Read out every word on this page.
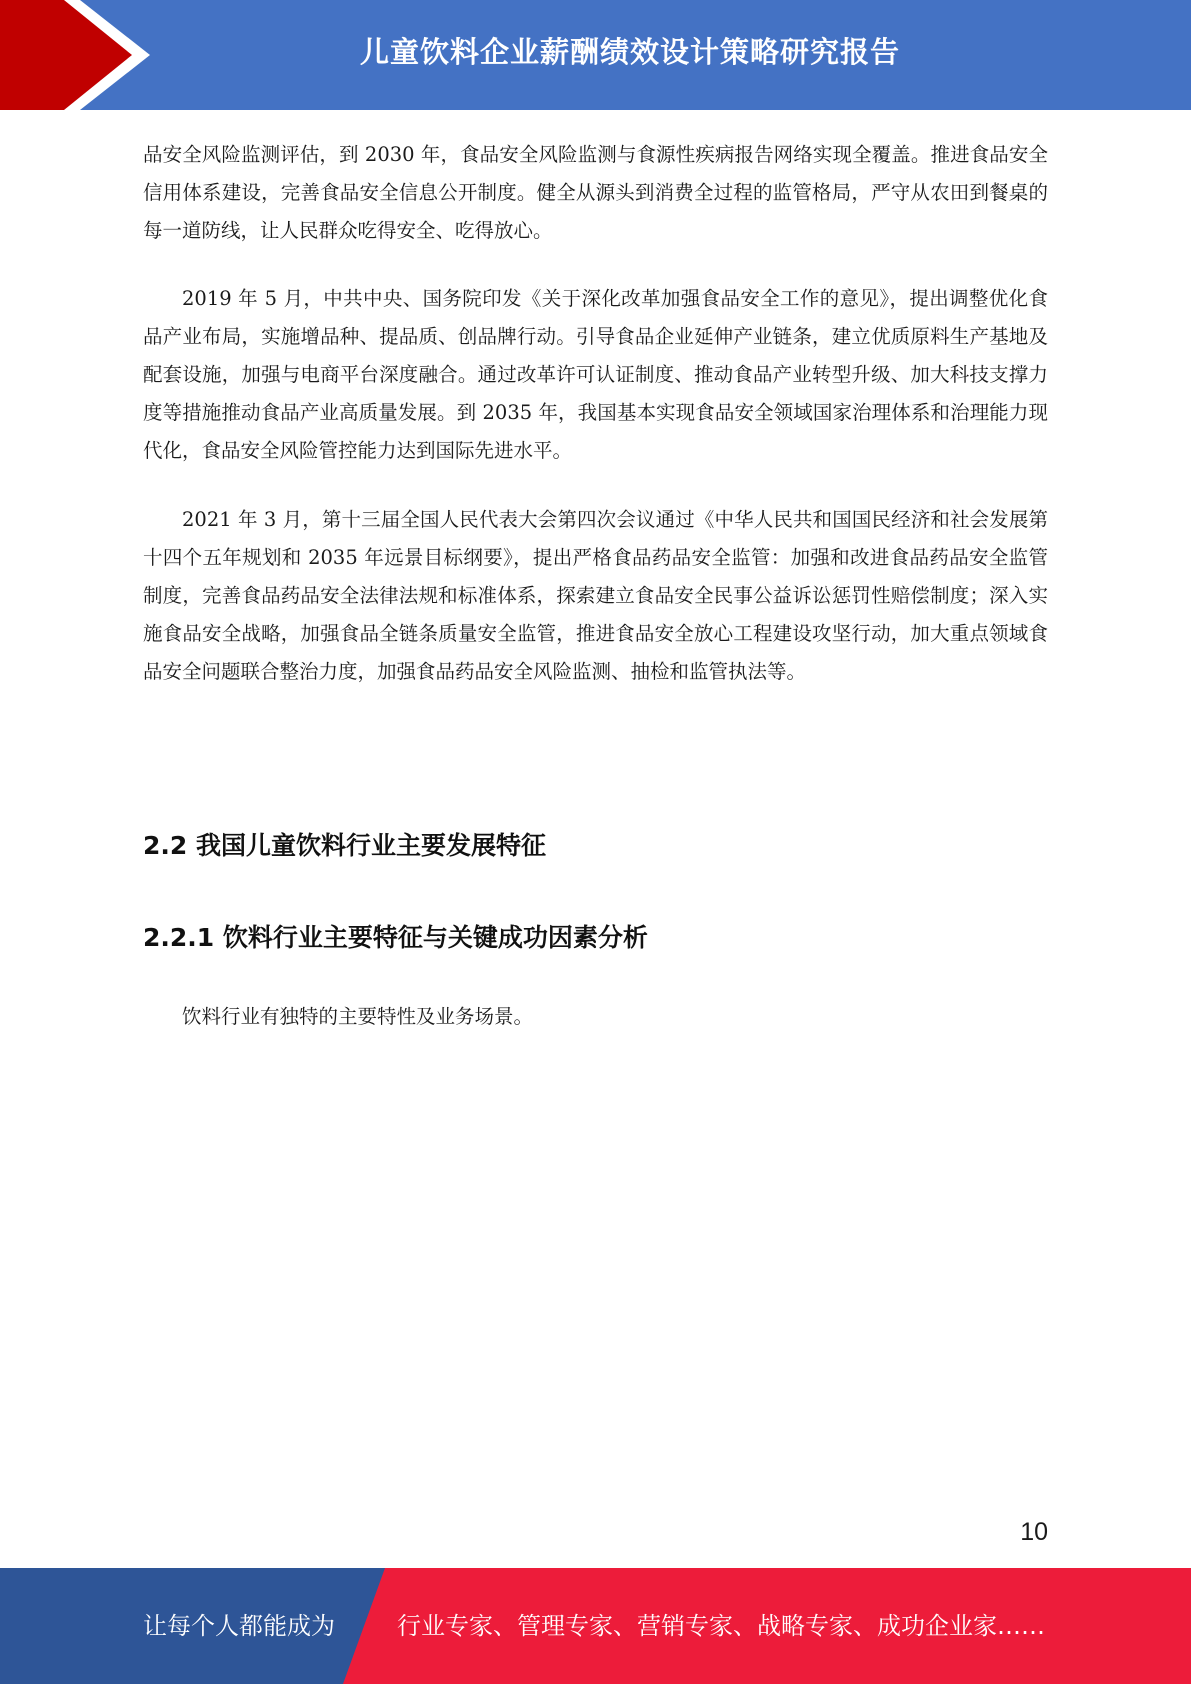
儿童饮料企业薪酬绩效设计策略研究报告

品安全风险监测评估，到 2030 年，食品安全风险监测与食源性疾病报告网络实现全覆盖。推进食品安全信用体系建设，完善食品安全信息公开制度。健全从源头到消费全过程的监管格局，严守从农田到餐桌的每一道防线，让人民群众吃得安全、吃得放心。

2019 年 5 月，中共中央、国务院印发《关于深化改革加强食品安全工作的意见》，提出调整优化食品产业布局，实施增品种、提品质、创品牌行动。引导食品企业延伸产业链条，建立优质原料生产基地及配套设施，加强与电商平台深度融合。通过改革许可认证制度、推动食品产业转型升级、加大科技支撑力度等措施推动食品产业高质量发展。到 2035 年，我国基本实现食品安全领域国家治理体系和治理能力现代化，食品安全风险管控能力达到国际先进水平。

2021 年 3 月，第十三届全国人民代表大会第四次会议通过《中华人民共和国国民经济和社会发展第十四个五年规划和 2035 年远景目标纲要》，提出严格食品药品安全监管：加强和改进食品药品安全监管制度，完善食品药品安全法律法规和标准体系，探索建立食品安全民事公益诉讼惩罚性赔偿制度；深入实施食品安全战略，加强食品全链条质量安全监管，推进食品安全放心工程建设攻坚行动，加大重点领域食品安全问题联合整治力度，加强食品药品安全风险监测、抽检和监管执法等。

2.2 我国儿童饮料行业主要发展特征
2.2.1 饮料行业主要特征与关键成功因素分析

饮料行业有独特的主要特性及业务场景。

10
让每个人都能成为	行业专家、管理专家、营销专家、战略专家、成功企业家……
